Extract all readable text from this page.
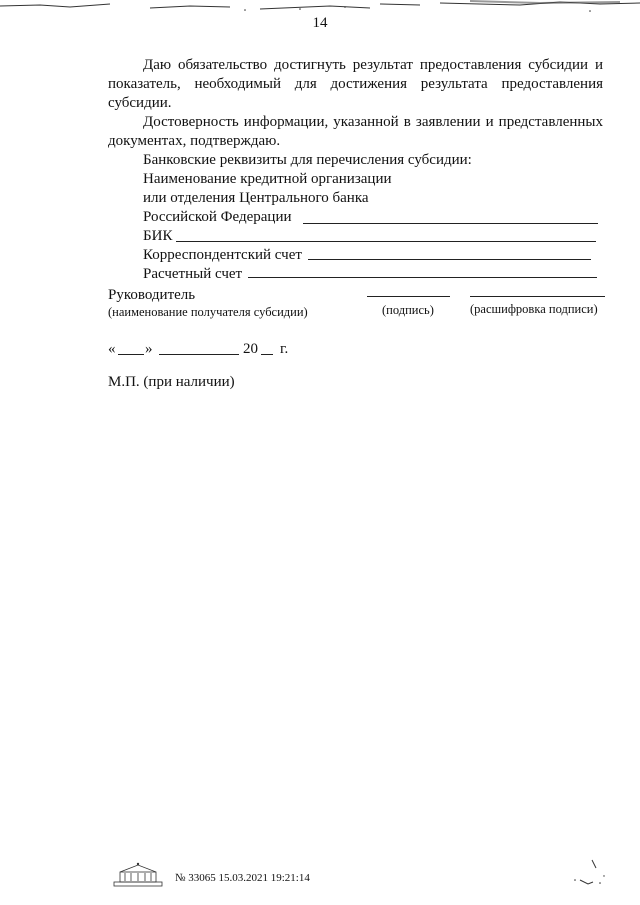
14

Даю обязательство достигнуть результат предоставления субсидии и

показатель, необходимый для достижения результата предоставления

субсидии.

Достоверность информации, указанной в заявлении и представленных

документах, подтверждаю.

Банковские реквизиты для перечисления субсидии:
Наименование кредитной организации
или отделения Центрального банка
Российской Федерации
БИК
Корреспондентский счет
Расчетный счет
Руководитель
(наименование получателя субсидии)	(подпись)	(расшифровка подписи)
« »	20 г.
М.П. (при наличии)
№ 33065 15.03.2021 19:21:14
